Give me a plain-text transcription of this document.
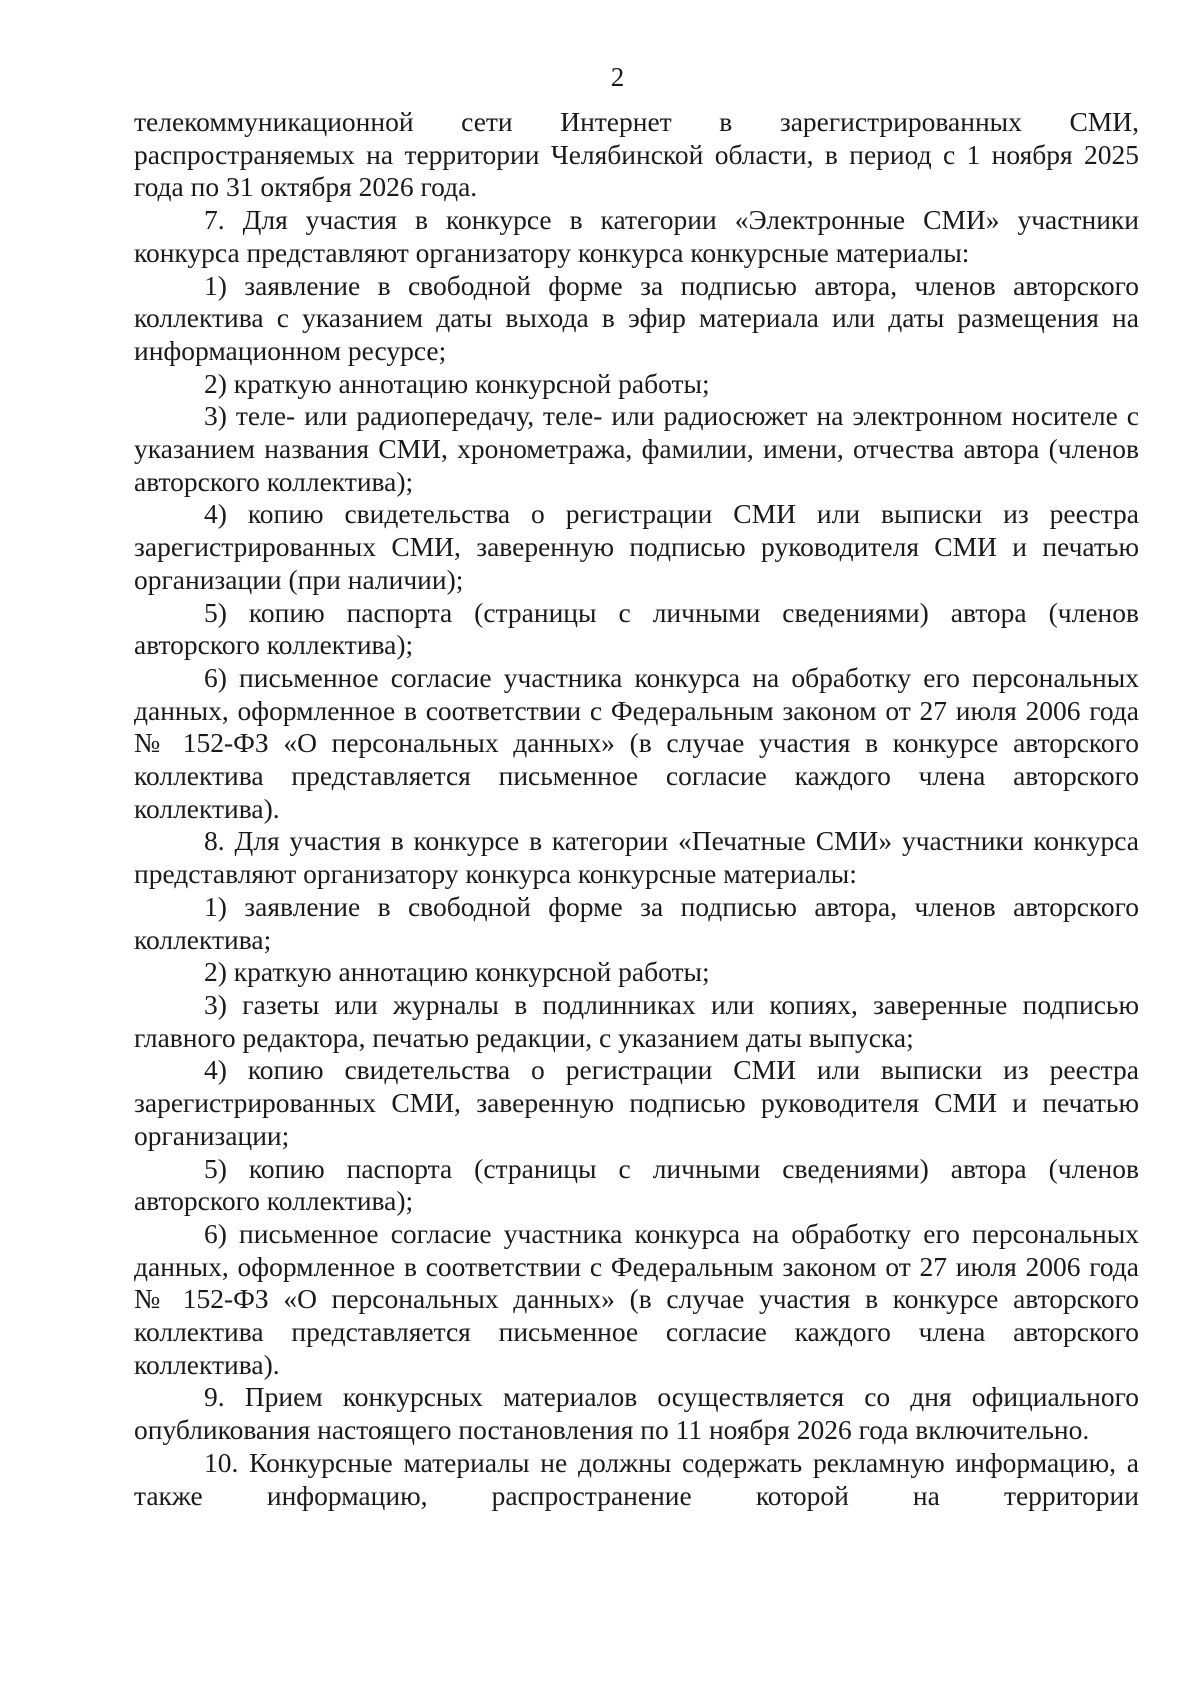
2

телекоммуникационной сети Интернет в зарегистрированных СМИ, распространяемых на территории Челябинской области, в период с 1 ноября 2025 года по 31 октября 2026 года.

7. Для участия в конкурсе в категории «Электронные СМИ» участники конкурса представляют организатору конкурса конкурсные материалы:

1) заявление в свободной форме за подписью автора, членов авторского коллектива с указанием даты выхода в эфир материала или даты размещения на информационном ресурсе;

2) краткую аннотацию конкурсной работы;

3) теле- или радиопередачу, теле- или радиосюжет на электронном носителе с указанием названия СМИ, хронометража, фамилии, имени, отчества автора (членов авторского коллектива);

4) копию свидетельства о регистрации СМИ или выписки из реестра зарегистрированных СМИ, заверенную подписью руководителя СМИ и печатью организации (при наличии);

5) копию паспорта (страницы с личными сведениями) автора (членов авторского коллектива);

6) письменное согласие участника конкурса на обработку его персональных данных, оформленное в соответствии с Федеральным законом от 27 июля 2006 года № 152-ФЗ «О персональных данных» (в случае участия в конкурсе авторского коллектива представляется письменное согласие каждого члена авторского коллектива).

8. Для участия в конкурсе в категории «Печатные СМИ» участники конкурса представляют организатору конкурса конкурсные материалы:

1) заявление в свободной форме за подписью автора, членов авторского коллектива;

2) краткую аннотацию конкурсной работы;

3) газеты или журналы в подлинниках или копиях, заверенные подписью главного редактора, печатью редакции, с указанием даты выпуска;

4) копию свидетельства о регистрации СМИ или выписки из реестра зарегистрированных СМИ, заверенную подписью руководителя СМИ и печатью организации;

5) копию паспорта (страницы с личными сведениями) автора (членов авторского коллектива);

6) письменное согласие участника конкурса на обработку его персональных данных, оформленное в соответствии с Федеральным законом от 27 июля 2006 года № 152-ФЗ «О персональных данных» (в случае участия в конкурсе авторского коллектива представляется письменное согласие каждого члена авторского коллектива).

9. Прием конкурсных материалов осуществляется со дня официального опубликования настоящего постановления по 11 ноября 2026 года включительно.

10. Конкурсные материалы не должны содержать рекламную информацию, а также информацию, распространение которой на территории
